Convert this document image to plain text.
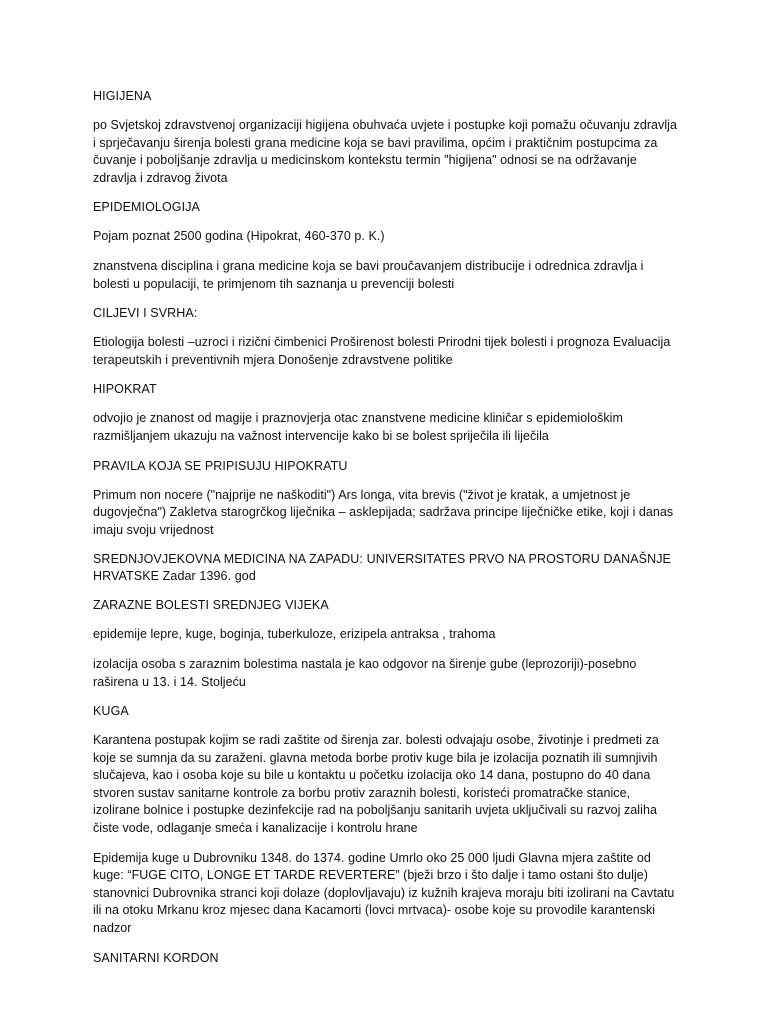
HIGIJENA

po Svjetskoj zdravstvenoj organizaciji higijena obuhvaća uvjete i postupke koji pomažu očuvanju zdravlja i sprječavanju širenja bolesti grana medicine koja se bavi pravilima, općim i praktičnim postupcima za čuvanje i poboljšanje zdravlja u medicinskom kontekstu termin "higijena" odnosi se na održavanje zdravlja i zdravog života

EPIDEMIOLOGIJA

Pojam poznat 2500 godina (Hipokrat, 460-370 p. K.)

znanstvena disciplina i grana medicine koja se bavi proučavanjem distribucije i odrednica zdravlja i bolesti u populaciji, te primjenom tih saznanja u prevenciji bolesti

CILJEVI I SVRHA:

Etiologija bolesti –uzroci i rizični čimbenici Proširenost bolesti Prirodni tijek bolesti i prognoza Evaluacija terapeutskih i preventivnih mjera Donošenje zdravstvene politike

HIPOKRAT

odvojio je znanost od magije i praznovjerja otac znanstvene medicine kliničar s epidemiološkim razmišljanjem ukazuju na važnost intervencije kako bi se bolest spriječila ili liječila

PRAVILA KOJA SE PRIPISUJU HIPOKRATU

Primum non nocere ("najprije ne naškoditi") Ars longa, vita brevis ("život je kratak, a umjetnost je dugovječna") Zakletva starogrčkog liječnika – asklepijada; sadržava principe liječničke etike, koji i danas imaju svoju vrijednost

SREDNJOVJEKOVNA MEDICINA NA ZAPADU: UNIVERSITATES PRVO NA PROSTORU DANAŠNJE HRVATSKE Zadar 1396. god

ZARAZNE BOLESTI SREDNJEG VIJEKA

epidemije lepre, kuge, boginja, tuberkuloze, erizipela antraksa , trahoma

izolacija osoba s zaraznim bolestima nastala je kao odgovor na širenje gube (leprozoriji)-posebno raširena u 13. i 14. Stoljeću

KUGA

Karantena postupak kojim se radi zaštite od širenja zar. bolesti odvajaju osobe, životinje i predmeti za koje se sumnja da su zaraženi. glavna metoda borbe protiv kuge bila je izolacija poznatih ili sumnjivih slučajeva, kao i osoba koje su bile u kontaktu u početku izolacija oko 14 dana, postupno do 40 dana stvoren sustav sanitarne kontrole za borbu protiv zaraznih bolesti, koristeći promatračke stanice, izolirane bolnice i postupke dezinfekcije rad na poboljšanju sanitarih uvjeta uključivali su razvoj zaliha čiste vode, odlaganje smeća i kanalizacije i kontrolu hrane

Epidemija kuge u Dubrovniku 1348. do 1374. godine Umrlo oko 25 000 ljudi Glavna mjera zaštite od kuge: “FUGE CITO, LONGE ET TARDE REVERTERE” (bježi brzo i što dalje i tamo ostani što dulje) stanovnici Dubrovnika stranci koji dolaze (doplovljavaju) iz kužnih krajeva moraju biti izolirani na Cavtatu ili na otoku Mrkanu kroz mjesec dana Kacamorti (lovci mrtvaca)- osobe koje su provodile karantenski nadzor

SANITARNI KORDON
